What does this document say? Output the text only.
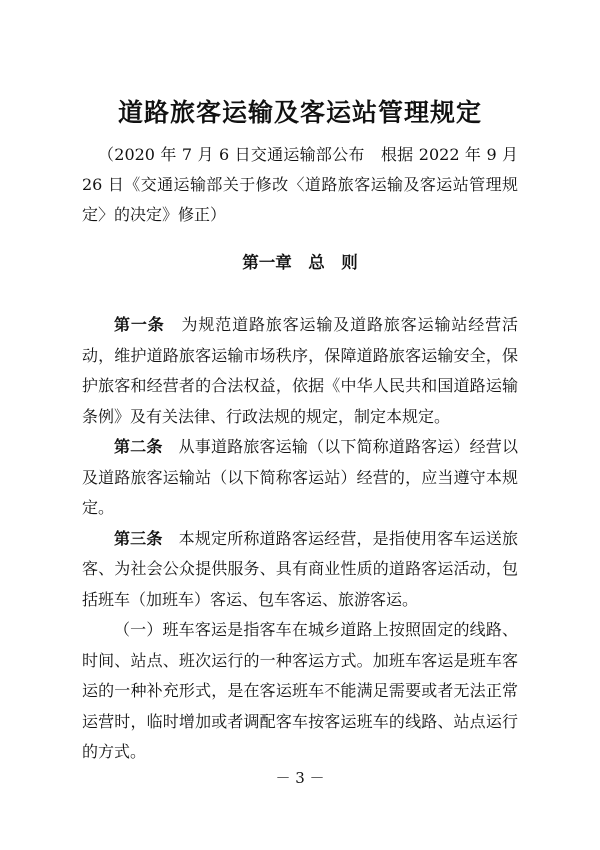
道路旅客运输及客运站管理规定
（2020 年 7 月 6 日交通运输部公布　根据 2022 年 9 月 26 日《交通运输部关于修改〈道路旅客运输及客运站管理规定〉的决定》修正）
第一章　总　则

第一条　 为规范道路旅客运输及道路旅客运输站经营活动，维护道路旅客运输市场秩序，保障道路旅客运输安全，保护旅客和经营者的合法权益，依据《中华人民共和国道路运输条例》及有关法律、行政法规的规定，制定本规定。

第二条　 从事道路旅客运输（以下简称道路客运）经营以及道路旅客运输站（以下简称客运站）经营的，应当遵守本规定。

第三条　 本规定所称道路客运经营，是指使用客车运送旅客、为社会公众提供服务、具有商业性质的道路客运活动，包括班车（加班车）客运、包车客运、旅游客运。

（一）班车客运是指客车在城乡道路上按照固定的线路、时间、站点、班次运行的一种客运方式。加班车客运是班车客运的一种补充形式，是在客运班车不能满足需要或者无法正常运营时，临时增加或者调配客车按客运班车的线路、站点运行的方式。

－ 3 －
